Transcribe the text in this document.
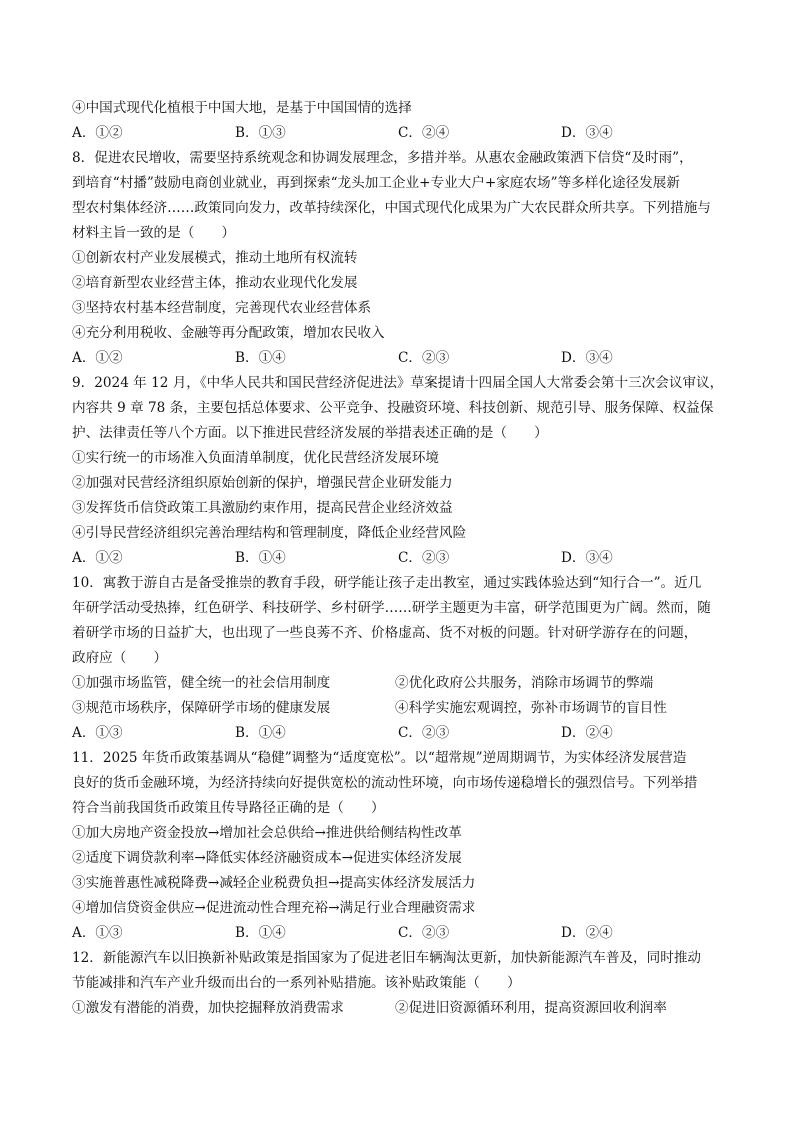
④中国式现代化植根于中国大地，是基于中国国情的选择
A．①②	B．①③	C．②④	D．③④
8．促进农民增收，需要坚持系统观念和协调发展理念，多措并举。从惠农金融政策洒下信贷“及时雨”，
到培育“村播”鼓励电商创业就业，再到探索“龙头加工企业+专业大户+家庭农场”等多样化途径发展新
型农村集体经济……政策同向发力，改革持续深化，中国式现代化成果为广大农民群众所共享。下列措施与
材料主旨一致的是（　　）
①创新农村产业发展模式，推动土地所有权流转
②培育新型农业经营主体，推动农业现代化发展
③坚持农村基本经营制度，完善现代农业经营体系
④充分利用税收、金融等再分配政策，增加农民收入
A．①②	B．①④	C．②③	D．③④
9．2024 年 12 月，《中华人民共和国民营经济促进法》草案提请十四届全国人大常委会第十三次会议审议，
内容共 9 章 78 条，主要包括总体要求、公平竞争、投融资环境、科技创新、规范引导、服务保障、权益保
护、法律责任等八个方面。以下推进民营经济发展的举措表述正确的是（　　）
①实行统一的市场准入负面清单制度，优化民营经济发展环境
②加强对民营经济组织原始创新的保护，增强民营企业研发能力
③发挥货币信贷政策工具激励约束作用，提高民营企业经济效益
④引导民营经济组织完善治理结构和管理制度，降低企业经营风险
A．①②	B．①④	C．②③	D．③④
10．寓教于游自古是备受推崇的教育手段，研学能让孩子走出教室，通过实践体验达到“知行合一”。近几
年研学活动受热捧，红色研学、科技研学、乡村研学……研学主题更为丰富，研学范围更为广阔。然而，随
着研学市场的日益扩大，也出现了一些良莠不齐、价格虚高、货不对板的问题。针对研学游存在的问题，
政府应（　　）
①加强市场监管，健全统一的社会信用制度	②优化政府公共服务，消除市场调节的弊端
③规范市场秩序，保障研学市场的健康发展	④科学实施宏观调控，弥补市场调节的盲目性
A．①③	B．①④	C．②③	D．②④
11．2025 年货币政策基调从“稳健”调整为“适度宽松”。以“超常规”逆周期调节，为实体经济发展营造
良好的货币金融环境，为经济持续向好提供宽松的流动性环境，向市场传递稳增长的强烈信号。下列举措
符合当前我国货币政策且传导路径正确的是（　　）
①加大房地产资金投放→增加社会总供给→推进供给侧结构性改革
②适度下调贷款利率→降低实体经济融资成本→促进实体经济发展
③实施普惠性减税降费→减轻企业税费负担→提高实体经济发展活力
④增加信贷资金供应→促进流动性合理充裕→满足行业合理融资需求
A．①③	B．①④	C．②③	D．②④
12．新能源汽车以旧换新补贴政策是指国家为了促进老旧车辆淘汰更新，加快新能源汽车普及，同时推动
节能减排和汽车产业升级而出台的一系列补贴措施。该补贴政策能（　　）
①激发有潜能的消费，加快挖掘释放消费需求	②促进旧资源循环利用，提高资源回收利润率
